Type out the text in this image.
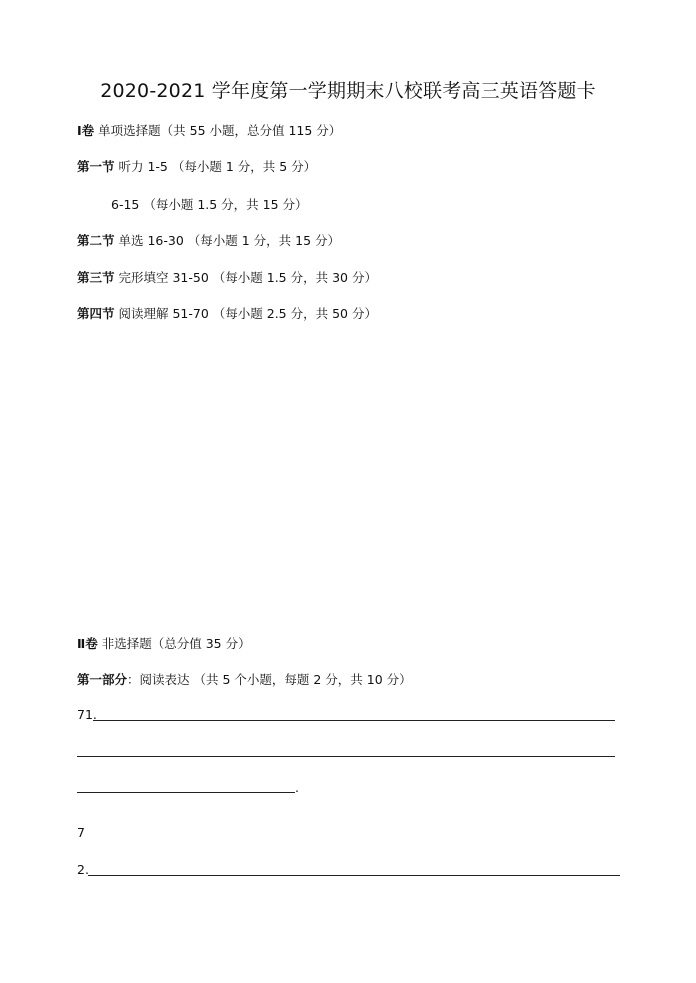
2020-2021 学年度第一学期期末八校联考高三英语答题卡
Ⅰ卷 单项选择题（共 55 小题，总分值 115 分）
第一节 听力 1-5 （每小题 1 分，共 5 分）
6-15 （每小题 1.5 分，共 15 分）
第二节 单选 16-30 （每小题 1 分，共 15 分）
第三节 完形填空 31-50 （每小题 1.5 分，共 30 分）
第四节 阅读理解 51-70 （每小题 2.5 分，共 50 分）
Ⅱ卷 非选择题（总分值 35 分）
第一部分：阅读表达 （共 5 个小题，每题 2 分，共 10 分）
71.
.
7
2.
